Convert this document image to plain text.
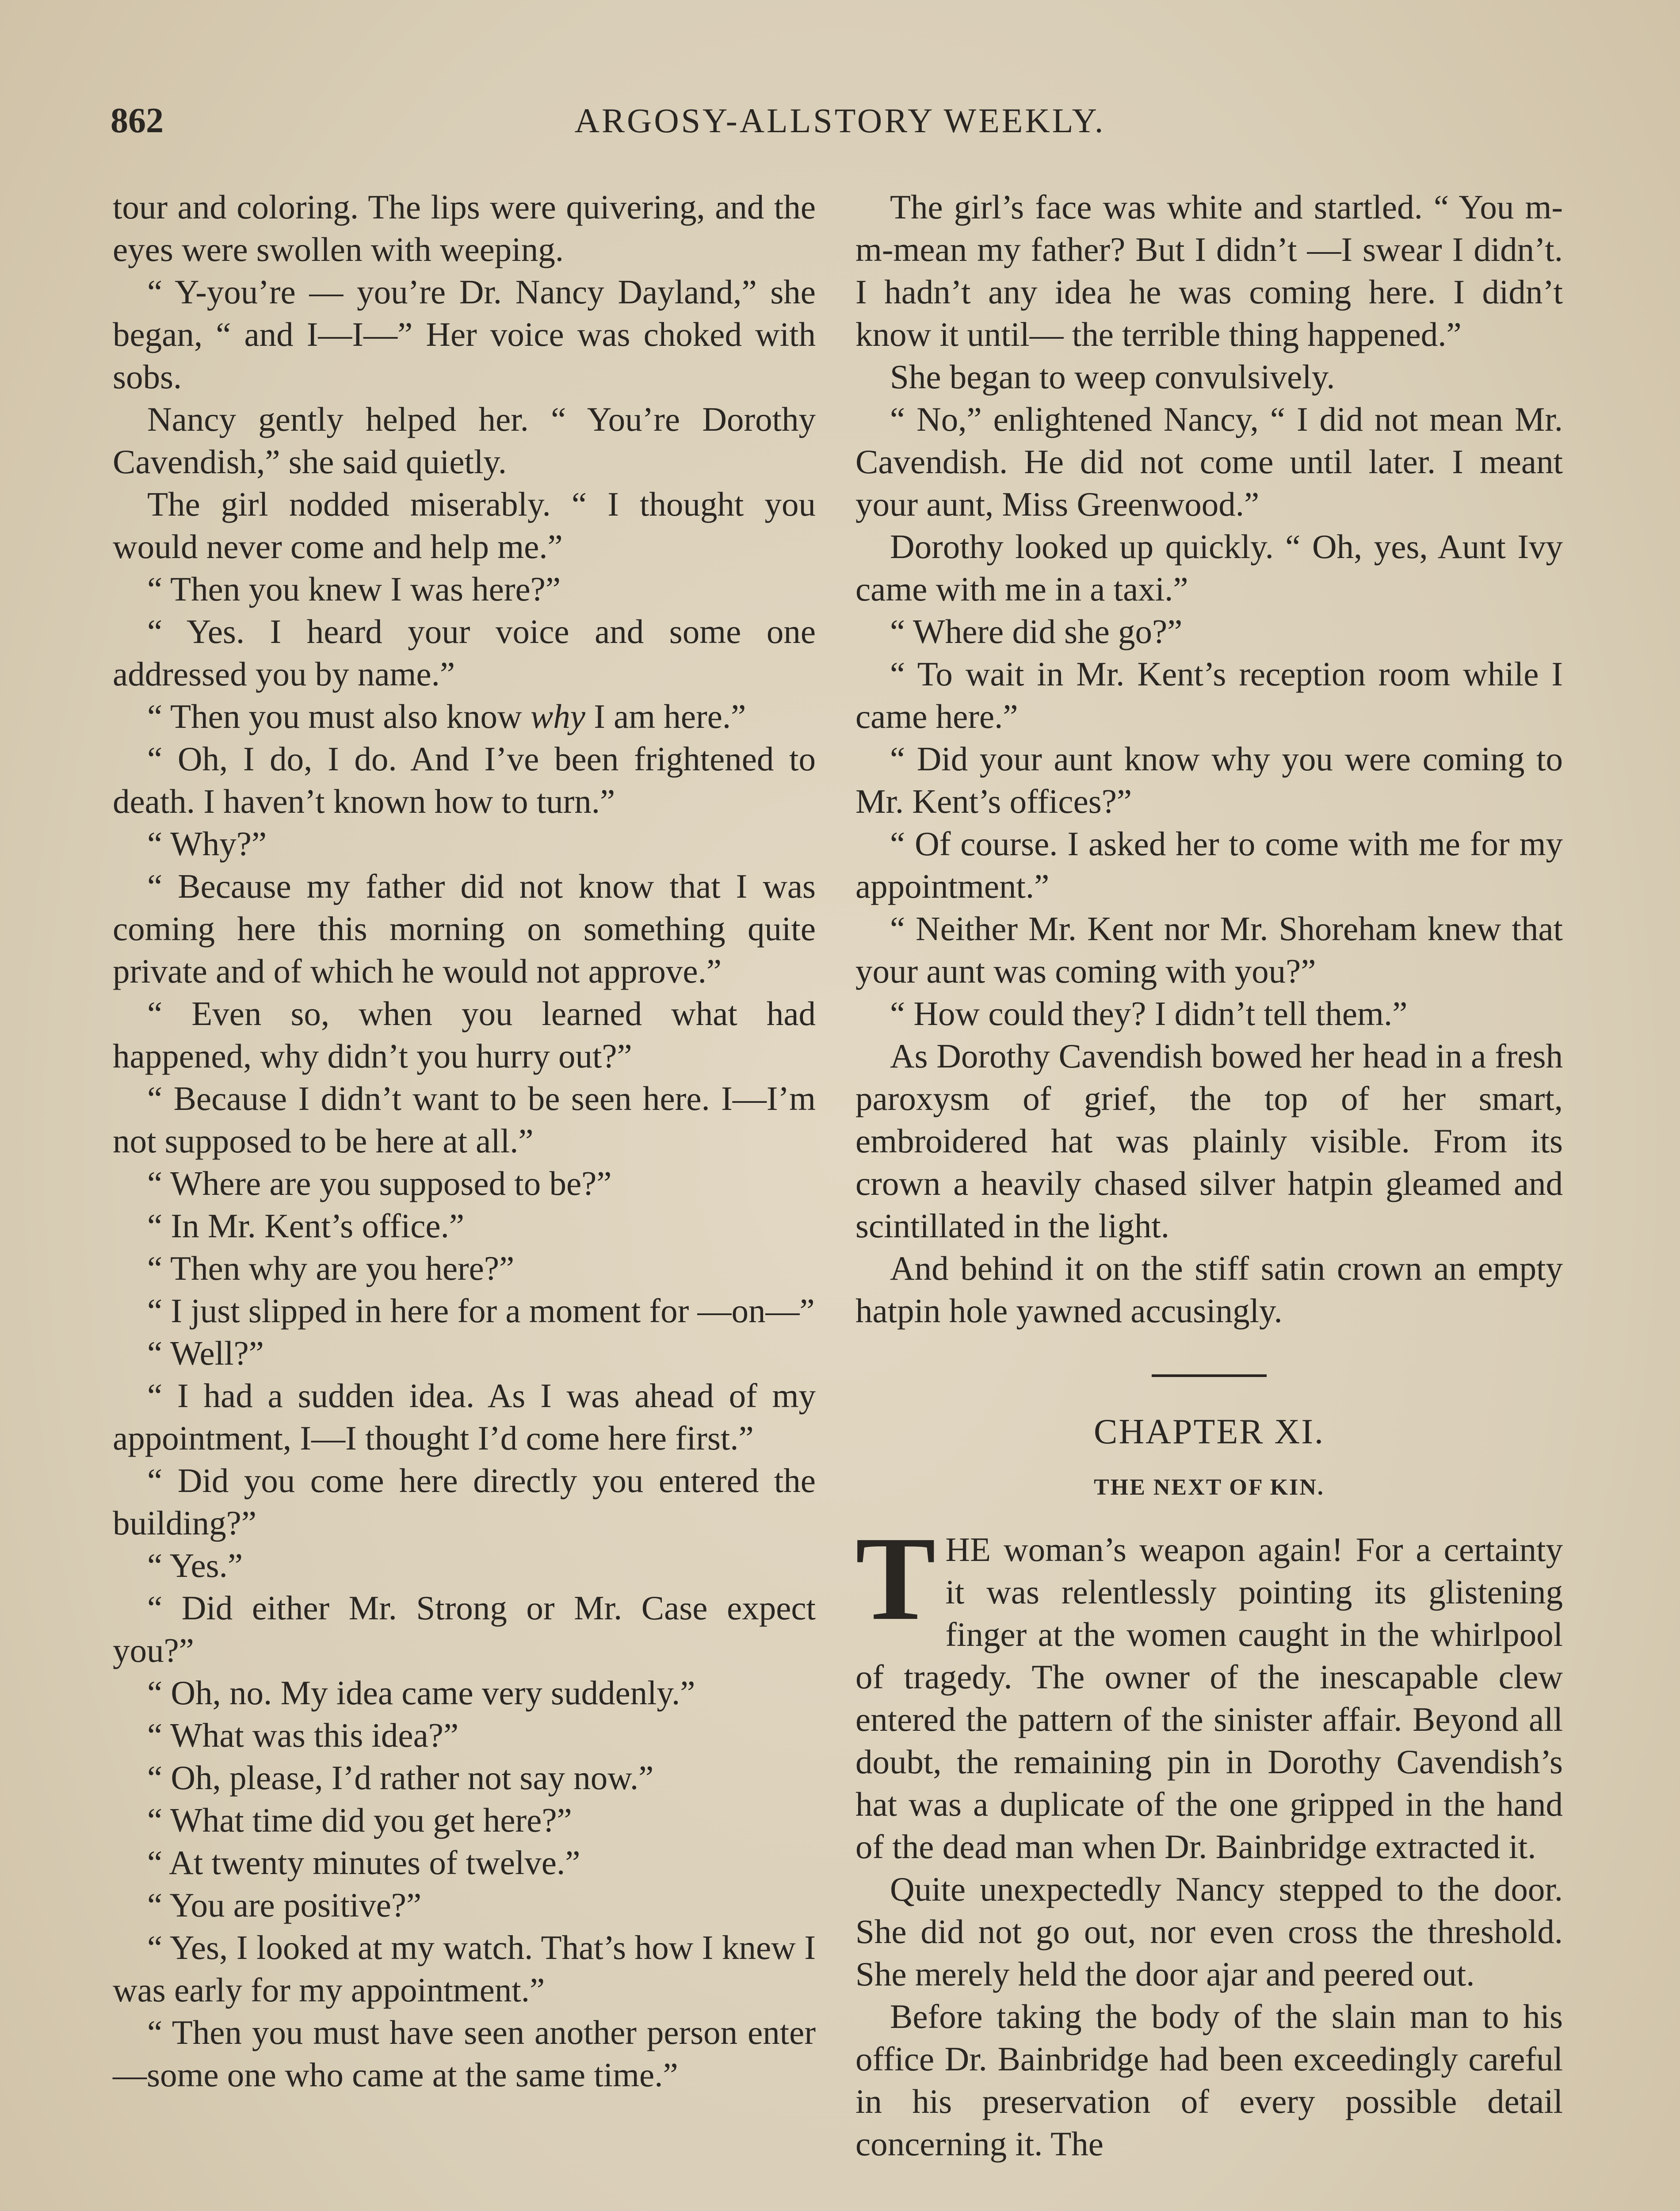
862	ARGOSY-ALLSTORY WEEKLY.

tour and coloring. The lips were quivering, and the eyes were swollen with weeping.

“ Y-you’re — you’re Dr. Nancy Dayland,” she began, “ and I—I—” Her voice was choked with sobs.

Nancy gently helped her. “ You’re Dorothy Cavendish,” she said quietly.

The girl nodded miserably. “ I thought you would never come and help me.”

“ Then you knew I was here?”

“ Yes. I heard your voice and some one addressed you by name.”

“ Then you must also know why I am here.”

“ Oh, I do, I do. And I’ve been frightened to death. I haven’t known how to turn.”

“ Why?”

“ Because my father did not know that I was coming here this morning on something quite private and of which he would not approve.”

“ Even so, when you learned what had happened, why didn’t you hurry out?”

“ Because I didn’t want to be seen here. I—I’m not supposed to be here at all.”

“ Where are you supposed to be?”

“ In Mr. Kent’s office.”

“ Then why are you here?”

“ I just slipped in here for a moment for —on—”

“ Well?”

“ I had a sudden idea. As I was ahead of my appointment, I—I thought I’d come here first.”

“ Did you come here directly you entered the building?”

“ Yes.”

“ Did either Mr. Strong or Mr. Case expect you?”

“ Oh, no. My idea came very suddenly.”

“ What was this idea?”

“ Oh, please, I’d rather not say now.”

“ What time did you get here?”

“ At twenty minutes of twelve.”

“ You are positive?”

“ Yes, I looked at my watch. That’s how I knew I was early for my appointment.”

“ Then you must have seen another person enter—some one who came at the same time.”

The girl’s face was white and startled. “ You m-m-mean my father? But I didn’t —I swear I didn’t. I hadn’t any idea he was coming here. I didn’t know it until— the terrible thing happened.”

She began to weep convulsively.

“ No,” enlightened Nancy, “ I did not mean Mr. Cavendish. He did not come until later. I meant your aunt, Miss Greenwood.”

Dorothy looked up quickly. “ Oh, yes, Aunt Ivy came with me in a taxi.”

“ Where did she go?”

“ To wait in Mr. Kent’s reception room while I came here.”

“ Did your aunt know why you were coming to Mr. Kent’s offices?”

“ Of course. I asked her to come with me for my appointment.”

“ Neither Mr. Kent nor Mr. Shoreham knew that your aunt was coming with you?”

“ How could they? I didn’t tell them.”

As Dorothy Cavendish bowed her head in a fresh paroxysm of grief, the top of her smart, embroidered hat was plainly visible. From its crown a heavily chased silver hatpin gleamed and scintillated in the light.

And behind it on the stiff satin crown an empty hatpin hole yawned accusingly.

CHAPTER XI.
THE NEXT OF KIN.

THE woman’s weapon again! For a certainty it was relentlessly pointing its glistening finger at the women caught in the whirlpool of tragedy. The owner of the inescapable clew entered the pattern of the sinister affair. Beyond all doubt, the remaining pin in Dorothy Cavendish’s hat was a duplicate of the one gripped in the hand of the dead man when Dr. Bainbridge extracted it.

Quite unexpectedly Nancy stepped to the door. She did not go out, nor even cross the threshold. She merely held the door ajar and peered out.

Before taking the body of the slain man to his office Dr. Bainbridge had been exceedingly careful in his preservation of every possible detail concerning it. The
